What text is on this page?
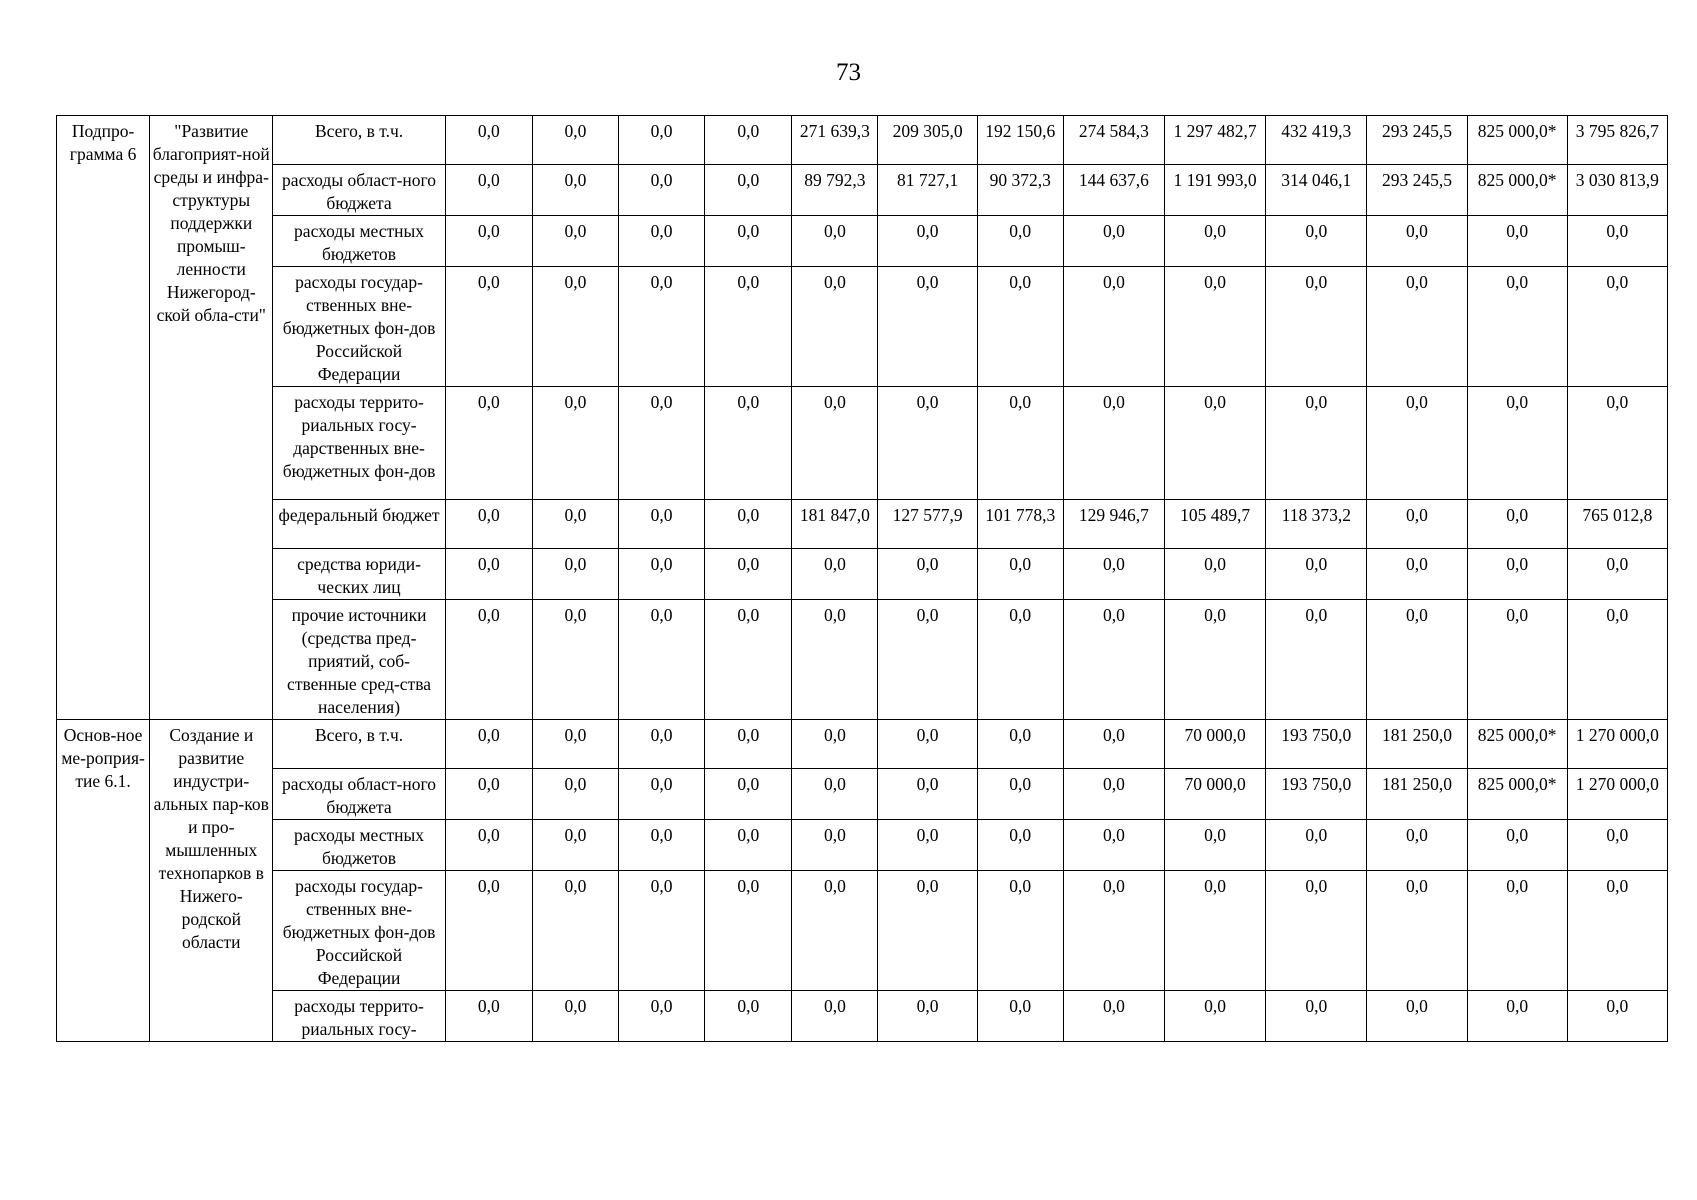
73
Подпро-грамма 6	"Развитие благоприят-ной среды и инфра-структуры поддержки промыш-ленности Нижегород-ской обла-сти"	Всего, в т.ч.	0,0	0,0	0,0	0,0	271 639,3	209 305,0	192 150,6	274 584,3	1 297 482,7	432 419,3	293 245,5	825 000,0*	3 795 826,7
		расходы област-ного бюджета	0,0	0,0	0,0	0,0	89 792,3	81 727,1	90 372,3	144 637,6	1 191 993,0	314 046,1	293 245,5	825 000,0*	3 030 813,9
		расходы местных бюджетов	0,0	0,0	0,0	0,0	0,0	0,0	0,0	0,0	0,0	0,0	0,0	0,0	0,0
		расходы государ-ственных вне-бюджетных фон-дов Российской Федерации	0,0	0,0	0,0	0,0	0,0	0,0	0,0	0,0	0,0	0,0	0,0	0,0	0,0
		расходы террито-риальных госу-дарственных вне-бюджетных фон-дов	0,0	0,0	0,0	0,0	0,0	0,0	0,0	0,0	0,0	0,0	0,0	0,0	0,0
		федеральный бюджет	0,0	0,0	0,0	0,0	181 847,0	127 577,9	101 778,3	129 946,7	105 489,7	118 373,2	0,0	0,0	765 012,8
		средства юриди-ческих лиц	0,0	0,0	0,0	0,0	0,0	0,0	0,0	0,0	0,0	0,0	0,0	0,0	0,0
		прочие источники (средства пред-приятий, соб-ственные сред-ства населения)	0,0	0,0	0,0	0,0	0,0	0,0	0,0	0,0	0,0	0,0	0,0	0,0	0,0
Основ-ное ме-роприя-тие 6.1.	Создание и развитие индустри-альных пар-ков и про-мышленных технопарков в Нижего-родской области	Всего, в т.ч.	0,0	0,0	0,0	0,0	0,0	0,0	0,0	0,0	70 000,0	193 750,0	181 250,0	825 000,0*	1 270 000,0
		расходы област-ного бюджета	0,0	0,0	0,0	0,0	0,0	0,0	0,0	0,0	70 000,0	193 750,0	181 250,0	825 000,0*	1 270 000,0
		расходы местных бюджетов	0,0	0,0	0,0	0,0	0,0	0,0	0,0	0,0	0,0	0,0	0,0	0,0	0,0
		расходы государ-ственных вне-бюджетных фон-дов Российской Федерации	0,0	0,0	0,0	0,0	0,0	0,0	0,0	0,0	0,0	0,0	0,0	0,0	0,0
		расходы террито-риальных госу-	0,0	0,0	0,0	0,0	0,0	0,0	0,0	0,0	0,0	0,0	0,0	0,0	0,0
